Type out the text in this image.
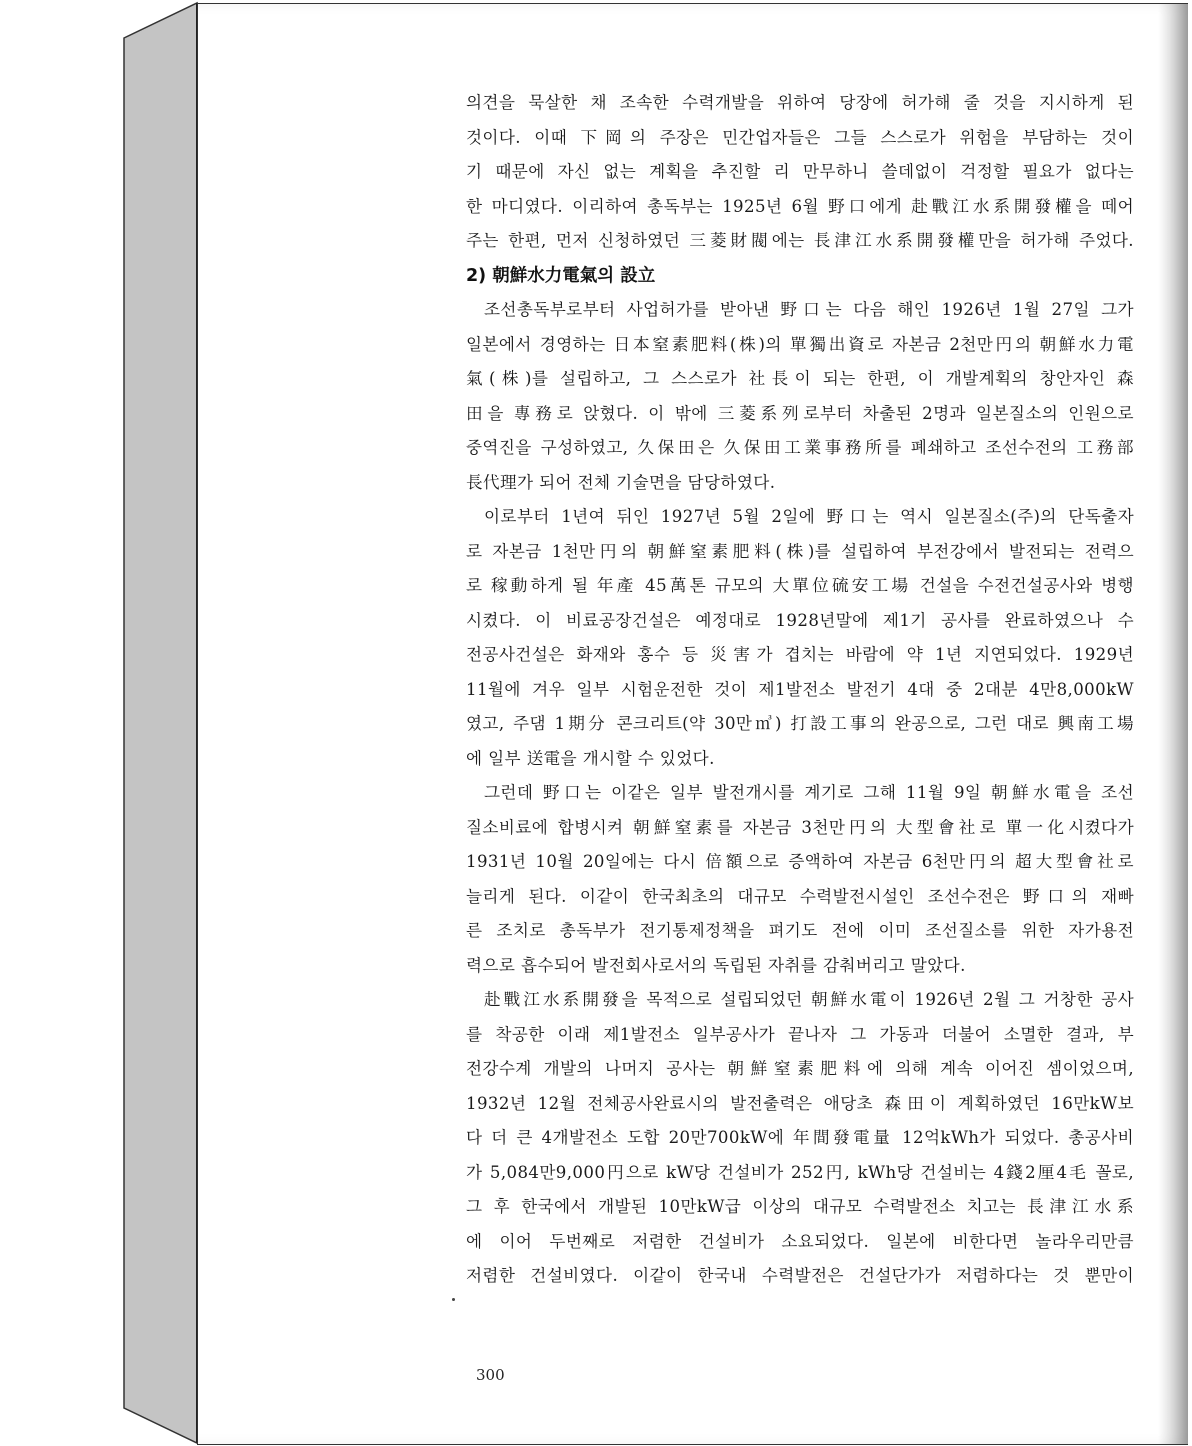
의견을 묵살한 채 조속한 수력개발을 위하여 당장에 허가해 줄 것을 지시하게 된
것이다. 이때 下岡의 주장은 민간업자들은 그들 스스로가 위험을 부담하는 것이
기 때문에 자신 없는 계획을 추진할 리 만무하니 쓸데없이 걱정할 필요가 없다는
한 마디였다. 이리하여 총독부는 1925년 6월 野口에게 赴戰江水系開發權을 떼어
주는 한편, 먼저 신청하였던 三菱財閥에는 長津江水系開發權만을 허가해 주었다.
2) 朝鮮水力電氣의 設立
조선총독부로부터 사업허가를 받아낸 野口는 다음 해인 1926년 1월 27일 그가
일본에서 경영하는 日本窒素肥料(株)의 單獨出資로 자본금 2천만円의 朝鮮水力電
氣(株)를 설립하고, 그 스스로가 社長이 되는 한편, 이 개발계획의 창안자인 森
田을 專務로 앉혔다. 이 밖에 三菱系列로부터 차출된 2명과 일본질소의 인원으로
중역진을 구성하였고, 久保田은 久保田工業事務所를 폐쇄하고 조선수전의 工務部
長代理가 되어 전체 기술면을 담당하였다.
이로부터 1년여 뒤인 1927년 5월 2일에 野口는 역시 일본질소(주)의 단독출자
로 자본금 1천만円의 朝鮮窒素肥料(株)를 설립하여 부전강에서 발전되는 전력으
로 稼動하게 될 年產 45萬톤 규모의 大單位硫安工場 건설을 수전건설공사와 병행
시켰다. 이 비료공장건설은 예정대로 1928년말에 제1기 공사를 완료하였으나 수
전공사건설은 화재와 홍수 등 災害가 겹치는 바람에 약 1년 지연되었다. 1929년
11월에 겨우 일부 시험운전한 것이 제1발전소 발전기 4대 중 2대분 4만8,000kW
였고, 주댐 1期分 콘크리트(약 30만㎥) 打設工事의 완공으로, 그런 대로 興南工場
에 일부 送電을 개시할 수 있었다.
그런데 野口는 이같은 일부 발전개시를 계기로 그해 11월 9일 朝鮮水電을 조선
질소비료에 합병시켜 朝鮮窒素를 자본금 3천만円의 大型會社로 單一化시켰다가
1931년 10월 20일에는 다시 倍額으로 증액하여 자본금 6천만円의 超大型會社로
늘리게 된다. 이같이 한국최초의 대규모 수력발전시설인 조선수전은 野口의 재빠
른 조치로 총독부가 전기통제정책을 펴기도 전에 이미 조선질소를 위한 자가용전
력으로 흡수되어 발전회사로서의 독립된 자취를 감춰버리고 말았다.
赴戰江水系開發을 목적으로 설립되었던 朝鮮水電이 1926년 2월 그 거창한 공사
를 착공한 이래 제1발전소 일부공사가 끝나자 그 가동과 더불어 소멸한 결과, 부
전강수계 개발의 나머지 공사는 朝鮮窒素肥料에 의해 계속 이어진 셈이었으며,
1932년 12월 전체공사완료시의 발전출력은 애당초 森田이 계획하였던 16만kW보
다 더 큰 4개발전소 도합 20만700kW에 年間發電量 12억kWh가 되었다. 총공사비
가 5,084만9,000円으로 kW당 건설비가 252円, kWh당 건설비는 4錢2厘4毛 꼴로,
그 후 한국에서 개발된 10만kW급 이상의 대규모 수력발전소 치고는 長津江水系
에 이어 두번째로 저렴한 건설비가 소요되었다. 일본에 비한다면 놀라우리만큼
저렴한 건설비였다. 이같이 한국내 수력발전은 건설단가가 저렴하다는 것 뿐만이
300
